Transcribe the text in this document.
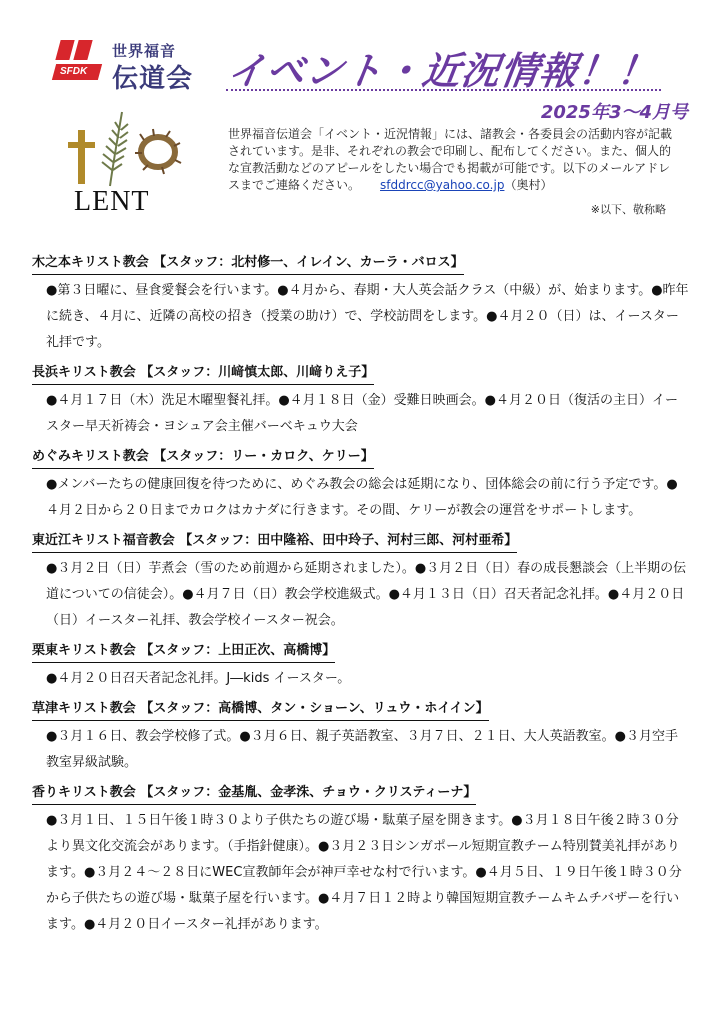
SFDK
世界福音
伝道会 イベント・近況情報！！
2025年3～4月号
LENT
世界福音伝道会「イベント・近況情報」には、諸教会・各委員会の活動内容が記載されています。是非、それぞれの教会で印刷し、配布してください。また、個人的な宣教活動などのアピールをしたい場合でも掲載が可能です。以下のメールアドレスまでご連絡ください。 sfddrcc@yahoo.co.jp（奥村）
※以下、敬称略
木之本キリスト教会 【スタッフ：北村修一、イレイン、カーラ・バロス】
●第３日曜に、昼食愛餐会を行います。●４月から、春期・大人英会話クラス（中級）が、始まります。●昨年に続き、４月に、近隣の高校の招き（授業の助け）で、学校訪問をします。●４月２０（日）は、イースター礼拝です。
長浜キリスト教会 【スタッフ：川﨑慎太郎、川﨑りえ子】
●４月１７日（木）洗足木曜聖餐礼拝。●４月１８日（金）受難日映画会。●４月２０日（復活の主日）イースター早天祈祷会・ヨシュア会主催バーベキュウ大会
めぐみキリスト教会 【スタッフ：リー・カロク、ケリー】
●メンバーたちの健康回復を待つために、めぐみ教会の総会は延期になり、団体総会の前に行う予定です。●４月２日から２０日までカロクはカナダに行きます。その間、ケリーが教会の運営をサポートします。
東近江キリスト福音教会 【スタッフ：田中隆裕、田中玲子、河村三郎、河村亜希】
●３月２日（日）芋煮会（雪のため前週から延期されました）。●３月２日（日）春の成長懇談会（上半期の伝道についての信徒会）。●４月７日（日）教会学校進級式。●４月１３日（日）召天者記念礼拝。●４月２０日（日）イースター礼拝、教会学校イースター祝会。
栗東キリスト教会 【スタッフ：上田正次、高橋博】
●４月２０日召天者記念礼拝。J―kids イースター。
草津キリスト教会 【スタッフ：高橋博、タン・ショーン、リュウ・ホイイン】
●３月１６日、教会学校修了式。●３月６日、親子英語教室、３月７日、２１日、大人英語教室。●３月空手教室昇級試験。
香りキリスト教会 【スタッフ：金基胤、金孝洙、チョウ・クリスティーナ】
●３月１日、１５日午後１時３０より子供たちの遊び場・駄菓子屋を開きます。●３月１８日午後２時３０分より異文化交流会があります。（手指針健康）。●３月２３日シンガポール短期宣教チーム特別賛美礼拝があります。●３月２４～２８日にWEC宣教師年会が神戸幸せな村で行います。●４月５日、１９日午後１時３０分から子供たちの遊び場・駄菓子屋を行います。●４月７日１２時より韓国短期宣教チームキムチバザーを行います。●４月２０日イースター礼拝があります。
